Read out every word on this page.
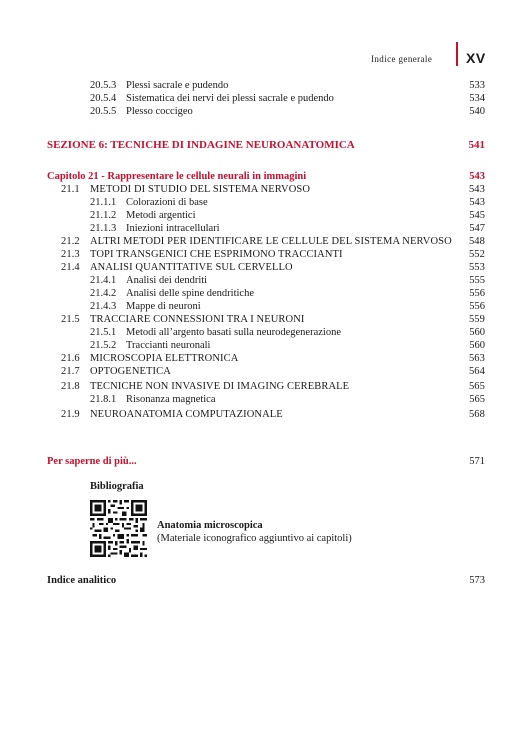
Indice generale XV
20.5.3 Plessi sacrale e pudendo	533
20.5.4 Sistematica dei nervi dei plessi sacrale e pudendo	534
20.5.5 Plesso coccigeo	540
SEZIONE 6: TECNICHE DI INDAGINE NEUROANATOMICA	541
Capitolo 21 - Rappresentare le cellule neurali in immagini	543
21.1 METODI DI STUDIO DEL SISTEMA NERVOSO	543
21.1.1 Colorazioni di base	543
21.1.2 Metodi argentici	545
21.1.3 Iniezioni intracellulari	547
21.2 ALTRI METODI PER IDENTIFICARE LE CELLULE DEL SISTEMA NERVOSO 548
21.3 TOPI TRANSGENICI CHE ESPRIMONO TRACCIANTI	552
21.4 ANALISI QUANTITATIVE SUL CERVELLO	553
21.4.1 Analisi dei dendriti	555
21.4.2 Analisi delle spine dendritiche	556
21.4.3 Mappe di neuroni	556
21.5 TRACCIARE CONNESSIONI TRA I NEURONI	559
21.5.1 Metodi all’argento basati sulla neurodegenerazione	560
21.5.2 Traccianti neuronali	560
21.6 MICROSCOPIA ELETTRONICA	563
21.7 OPTOGENETICA	564
21.8 TECNICHE NON INVASIVE DI IMAGING CEREBRALE	565
21.8.1 Risonanza magnetica	565
21.9 NEUROANATOMIA COMPUTAZIONALE	568
Per saperne di più...	571
Bibliografia
Anatomia microscopica
(Materiale iconografico aggiuntivo ai capitoli)
Indice analitico	573
